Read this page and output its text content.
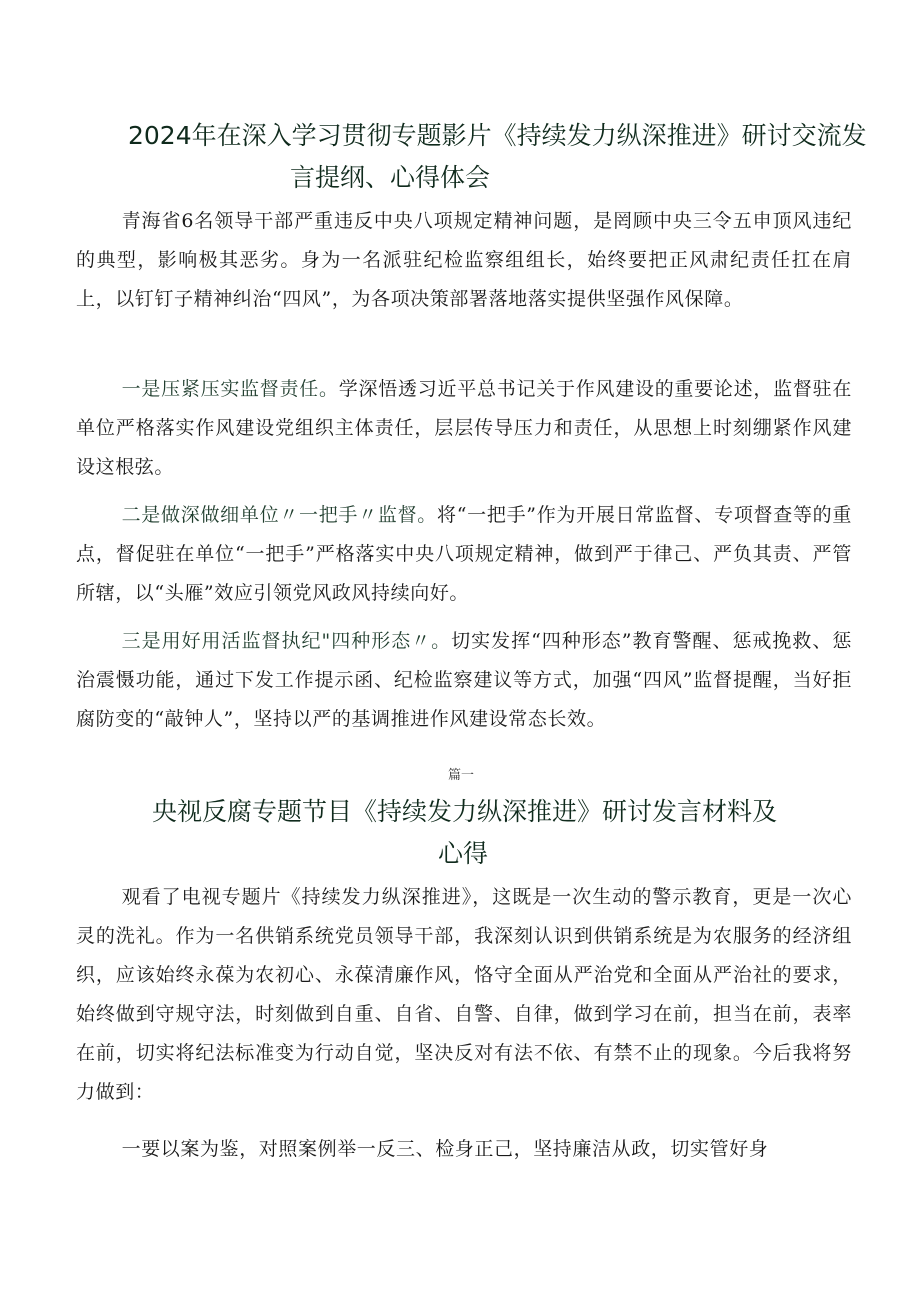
2024年在深入学习贯彻专题影片《持续发力纵深推进》研讨交流发
言提纲、心得体会

青海省6名领导干部严重违反中央八项规定精神问题，是罔顾中央三令五申顶风违纪的典型，影响极其恶劣。身为一名派驻纪检监察组组长，始终要把正风肃纪责任扛在肩上，以钉钉子精神纠治“四风”，为各项决策部署落地落实提供坚强作风保障。

一是压紧压实监督责任。学深悟透习近平总书记关于作风建设的重要论述，监督驻在单位严格落实作风建设党组织主体责任，层层传导压力和责任，从思想上时刻绷紧作风建设这根弦。

二是做深做细单位〃一把手〃监督。将“一把手”作为开展日常监督、专项督查等的重点，督促驻在单位“一把手”严格落实中央八项规定精神，做到严于律己、严负其责、严管所辖，以“头雁”效应引领党风政风持续向好。

三是用好用活监督执纪"四种形态〃。切实发挥“四种形态”教育警醒、惩戒挽救、惩治震慑功能，通过下发工作提示函、纪检监察建议等方式，加强“四风”监督提醒，当好拒腐防变的“敲钟人”，坚持以严的基调推进作风建设常态长效。

篇一
央视反腐专题节目《持续发力纵深推进》研讨发言材料及
心得

观看了电视专题片《持续发力纵深推进》，这既是一次生动的警示教育，更是一次心灵的洗礼。作为一名供销系统党员领导干部，我深刻认识到供销系统是为农服务的经济组织，应该始终永葆为农初心、永葆清廉作风，恪守全面从严治党和全面从严治社的要求，始终做到守规守法，时刻做到自重、自省、自警、自律，做到学习在前，担当在前，表率在前，切实将纪法标准变为行动自觉，坚决反对有法不依、有禁不止的现象。今后我将努力做到：

一要以案为鉴，对照案例举一反三、检身正己，坚持廉洁从政，切实管好身
